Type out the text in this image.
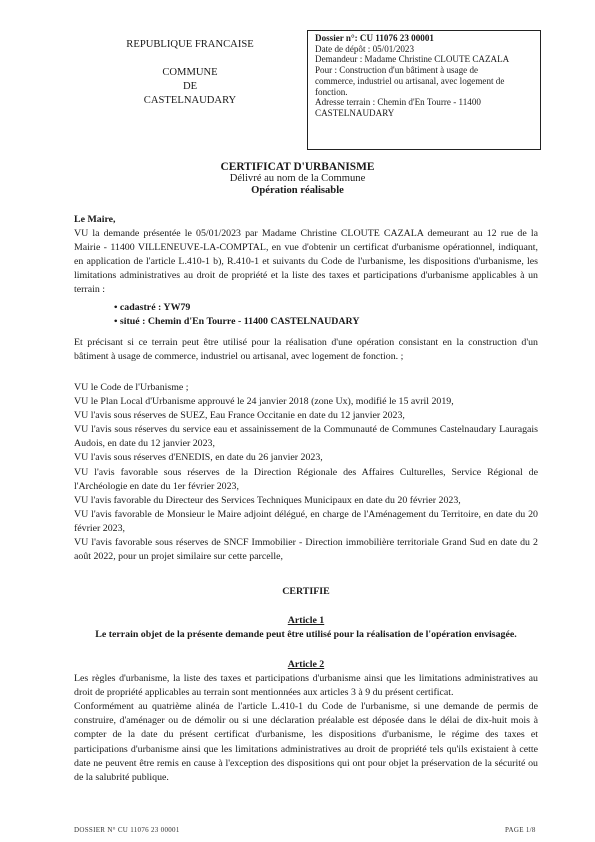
REPUBLIQUE FRANCAISE
COMMUNE
DE
CASTELNAUDARY
Dossier n°: CU 11076 23 00001
Date de dépôt : 05/01/2023
Demandeur : Madame Christine CLOUTE CAZALA
Pour : Construction d'un bâtiment à usage de
commerce, industriel ou artisanal, avec logement de
fonction.
Adresse terrain : Chemin d'En Tourre - 11400
CASTELNAUDARY
CERTIFICAT D'URBANISME
Délivré au nom de la Commune
Opération réalisable
Le Maire,
VU la demande présentée le 05/01/2023 par Madame Christine CLOUTE CAZALA demeurant au 12 rue de la Mairie - 11400 VILLENEUVE-LA-COMPTAL, en vue d'obtenir un certificat d'urbanisme opérationnel, indiquant, en application de l'article L.410-1 b), R.410-1 et suivants du Code de l'urbanisme, les dispositions d'urbanisme, les limitations administratives au droit de propriété et la liste des taxes et participations d'urbanisme applicables à un terrain :
• cadastré : YW79
• situé : Chemin d'En Tourre - 11400 CASTELNAUDARY
Et précisant si ce terrain peut être utilisé pour la réalisation d'une opération consistant en la construction d'un bâtiment à usage de commerce, industriel ou artisanal, avec logement de fonction. ;
VU le Code de l'Urbanisme ;
VU le Plan Local d'Urbanisme approuvé le 24 janvier 2018 (zone Ux), modifié le 15 avril 2019,
VU l'avis sous réserves de SUEZ, Eau France Occitanie en date du 12 janvier 2023,
VU l'avis sous réserves du service eau et assainissement de la Communauté de Communes Castelnaudary Lauragais Audois, en date du 12 janvier 2023,
VU l'avis sous réserves d'ENEDIS, en date du 26 janvier 2023,
VU l'avis favorable sous réserves de la Direction Régionale des Affaires Culturelles, Service Régional de l'Archéologie en date du 1er février 2023,
VU l'avis favorable du Directeur des Services Techniques Municipaux en date du 20 février 2023,
VU l'avis favorable de Monsieur le Maire adjoint délégué, en charge de l'Aménagement du Territoire, en date du 20 février 2023,
VU l'avis favorable sous réserves de SNCF Immobilier - Direction immobilière territoriale Grand Sud en date du 2 août 2022, pour un projet similaire sur cette parcelle,
CERTIFIE
Article 1
Le terrain objet de la présente demande peut être utilisé pour la réalisation de l'opération envisagée.
Article 2
Les règles d'urbanisme, la liste des taxes et participations d'urbanisme ainsi que les limitations administratives au droit de propriété applicables au terrain sont mentionnées aux articles 3 à 9 du présent certificat.
Conformément au quatrième alinéa de l'article L.410-1 du Code de l'urbanisme, si une demande de permis de construire, d'aménager ou de démolir ou si une déclaration préalable est déposée dans le délai de dix-huit mois à compter de la date du présent certificat d'urbanisme, les dispositions d'urbanisme, le régime des taxes et participations d'urbanisme ainsi que les limitations administratives au droit de propriété tels qu'ils existaient à cette date ne peuvent être remis en cause à l'exception des dispositions qui ont pour objet la préservation de la sécurité ou de la salubrité publique.
DOSSIER N° CU 11076 23 00001	PAGE 1/8
